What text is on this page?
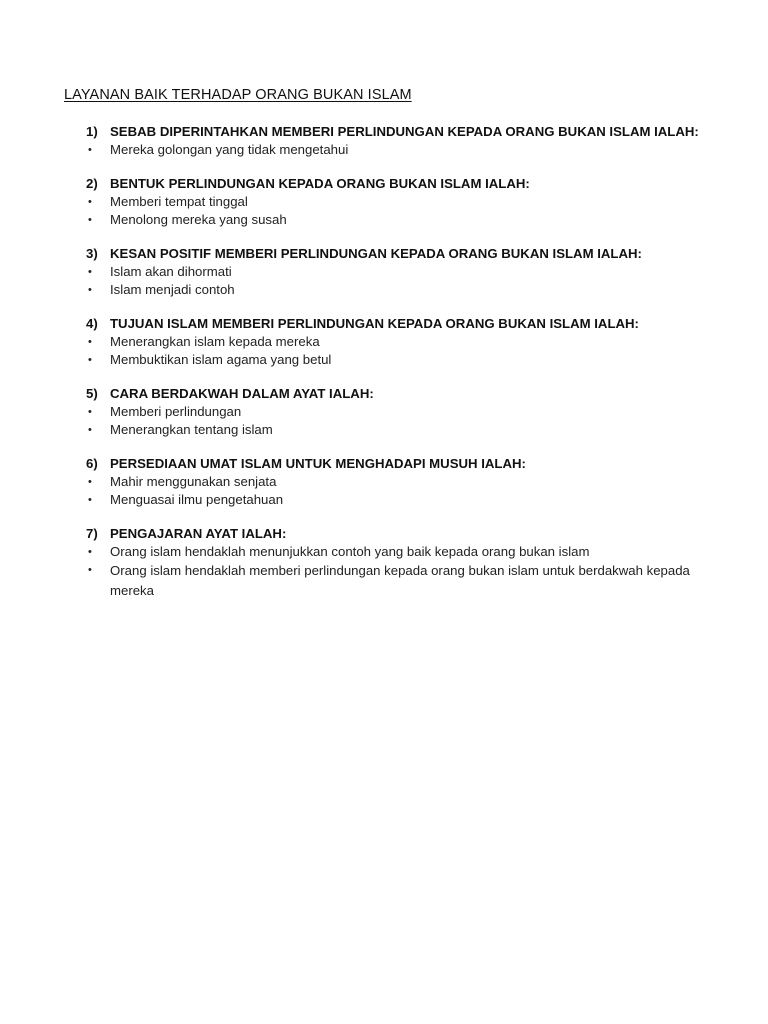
LAYANAN BAIK TERHADAP ORANG BUKAN ISLAM
1) SEBAB DIPERINTAHKAN MEMBERI PERLINDUNGAN KEPADA ORANG BUKAN ISLAM IALAH:
•	Mereka golongan yang tidak mengetahui
2) BENTUK PERLINDUNGAN KEPADA ORANG BUKAN ISLAM IALAH:
•	Memberi tempat tinggal
•	Menolong mereka yang susah
3) KESAN POSITIF MEMBERI PERLINDUNGAN KEPADA ORANG BUKAN ISLAM IALAH:
•	Islam akan dihormati
•	Islam menjadi contoh
4) TUJUAN ISLAM MEMBERI PERLINDUNGAN KEPADA ORANG BUKAN ISLAM IALAH:
•	Menerangkan islam kepada mereka
•	Membuktikan islam agama yang betul
5) CARA BERDAKWAH DALAM AYAT IALAH:
•	Memberi perlindungan
•	Menerangkan tentang islam
6) PERSEDIAAN UMAT ISLAM UNTUK MENGHADAPI MUSUH IALAH:
•	Mahir menggunakan senjata
•	Menguasai ilmu pengetahuan
7) PENGAJARAN AYAT IALAH:
•	Orang islam hendaklah menunjukkan contoh yang baik kepada orang bukan islam
•	Orang islam hendaklah memberi perlindungan kepada orang bukan islam untuk berdakwah kepada mereka
